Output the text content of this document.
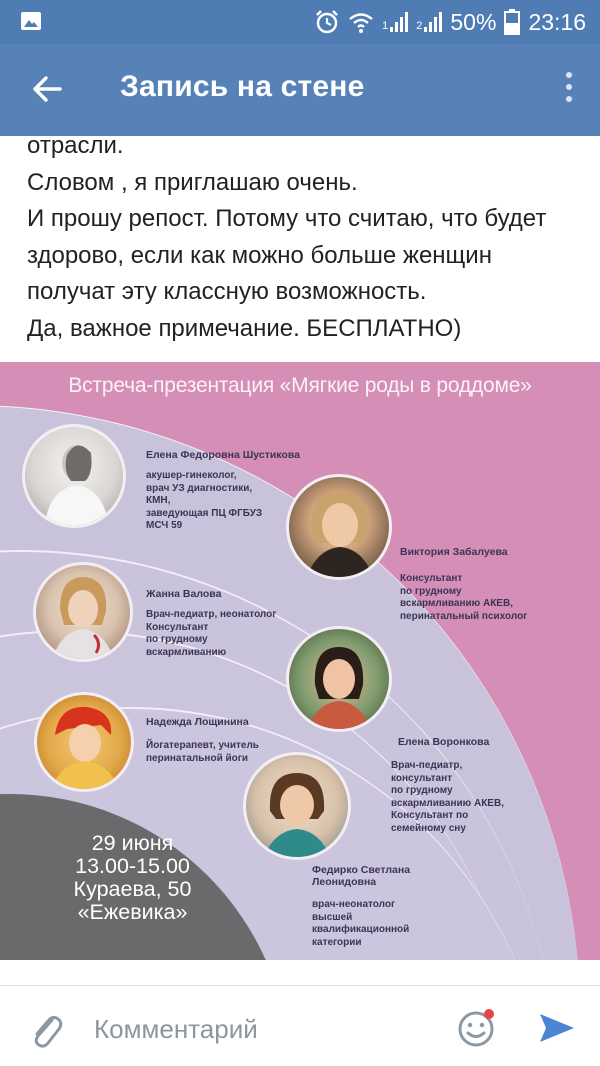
1	2 50% 23:16
Запись на стене

отрасли.

Словом , я приглашаю очень.

И прошу репост. Потому что считаю, что будет

здорово, если как можно больше женщин

получат эту классную возможность.

Да, важное примечание. БЕСПЛАТНО)

Встреча-презентация «Мягкие роды в роддоме»
Елена Федоровна Шустикова
акушер-гинеколог,
врач УЗ диагностики,
КМН,
заведующая ПЦ ФГБУЗ
МСЧ 59
Виктория Забалуева
Консультант
по грудному
вскармливанию АКЕВ,
перинатальный психолог
Жанна Валова
Врач-педиатр, неонатолог
Консультант
по грудному
вскармливанию
Елена Воронкова
Врач-педиатр,
консультант
по грудному
вскармливанию АКЕВ,
Консультант по
семейному сну
Надежда Лощинина
Йогатерапевт, учитель
перинатальной йоги
Федирко Светлана
Леонидовна
врач-неонатолог
высшей
квалификационной
категории
29 июня
13.00-15.00
Кураева, 50
«Ежевика»
Комментарий
